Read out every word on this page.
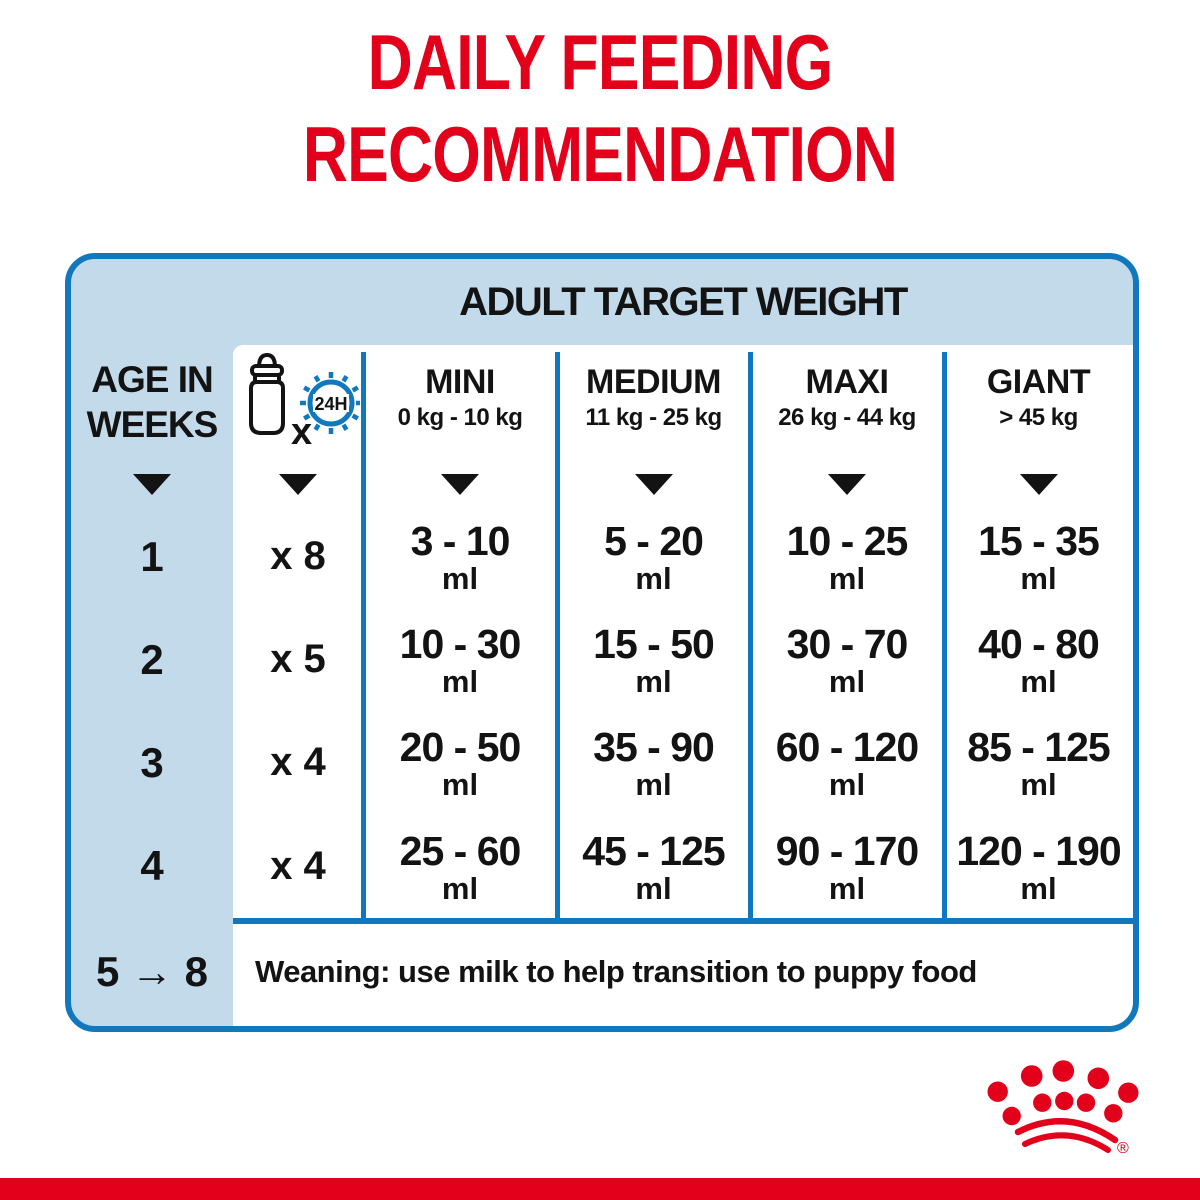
DAILY FEEDING
RECOMMENDATION
ADULT TARGET WEIGHT
AGE IN
WEEKS x
24H
MINI
0 kg - 10 kg
MEDIUM
11 kg - 25 kg
MAXI
26 kg - 44 kg
GIANT
> 45 kg
1
2
3
4
x 8
x 5
x 4
x 4
3 - 10
ml
5 - 20
ml
10 - 25
ml
15 - 35
ml
10 - 30
ml
15 - 50
ml
30 - 70
ml
40 - 80
ml
20 - 50
ml
35 - 90
ml
60 - 120
ml
85 - 125
ml
25 - 60
ml
45 - 125
ml
90 - 170
ml
120 - 190
ml
5 → 8	Weaning: use milk to help transition to puppy food
®
